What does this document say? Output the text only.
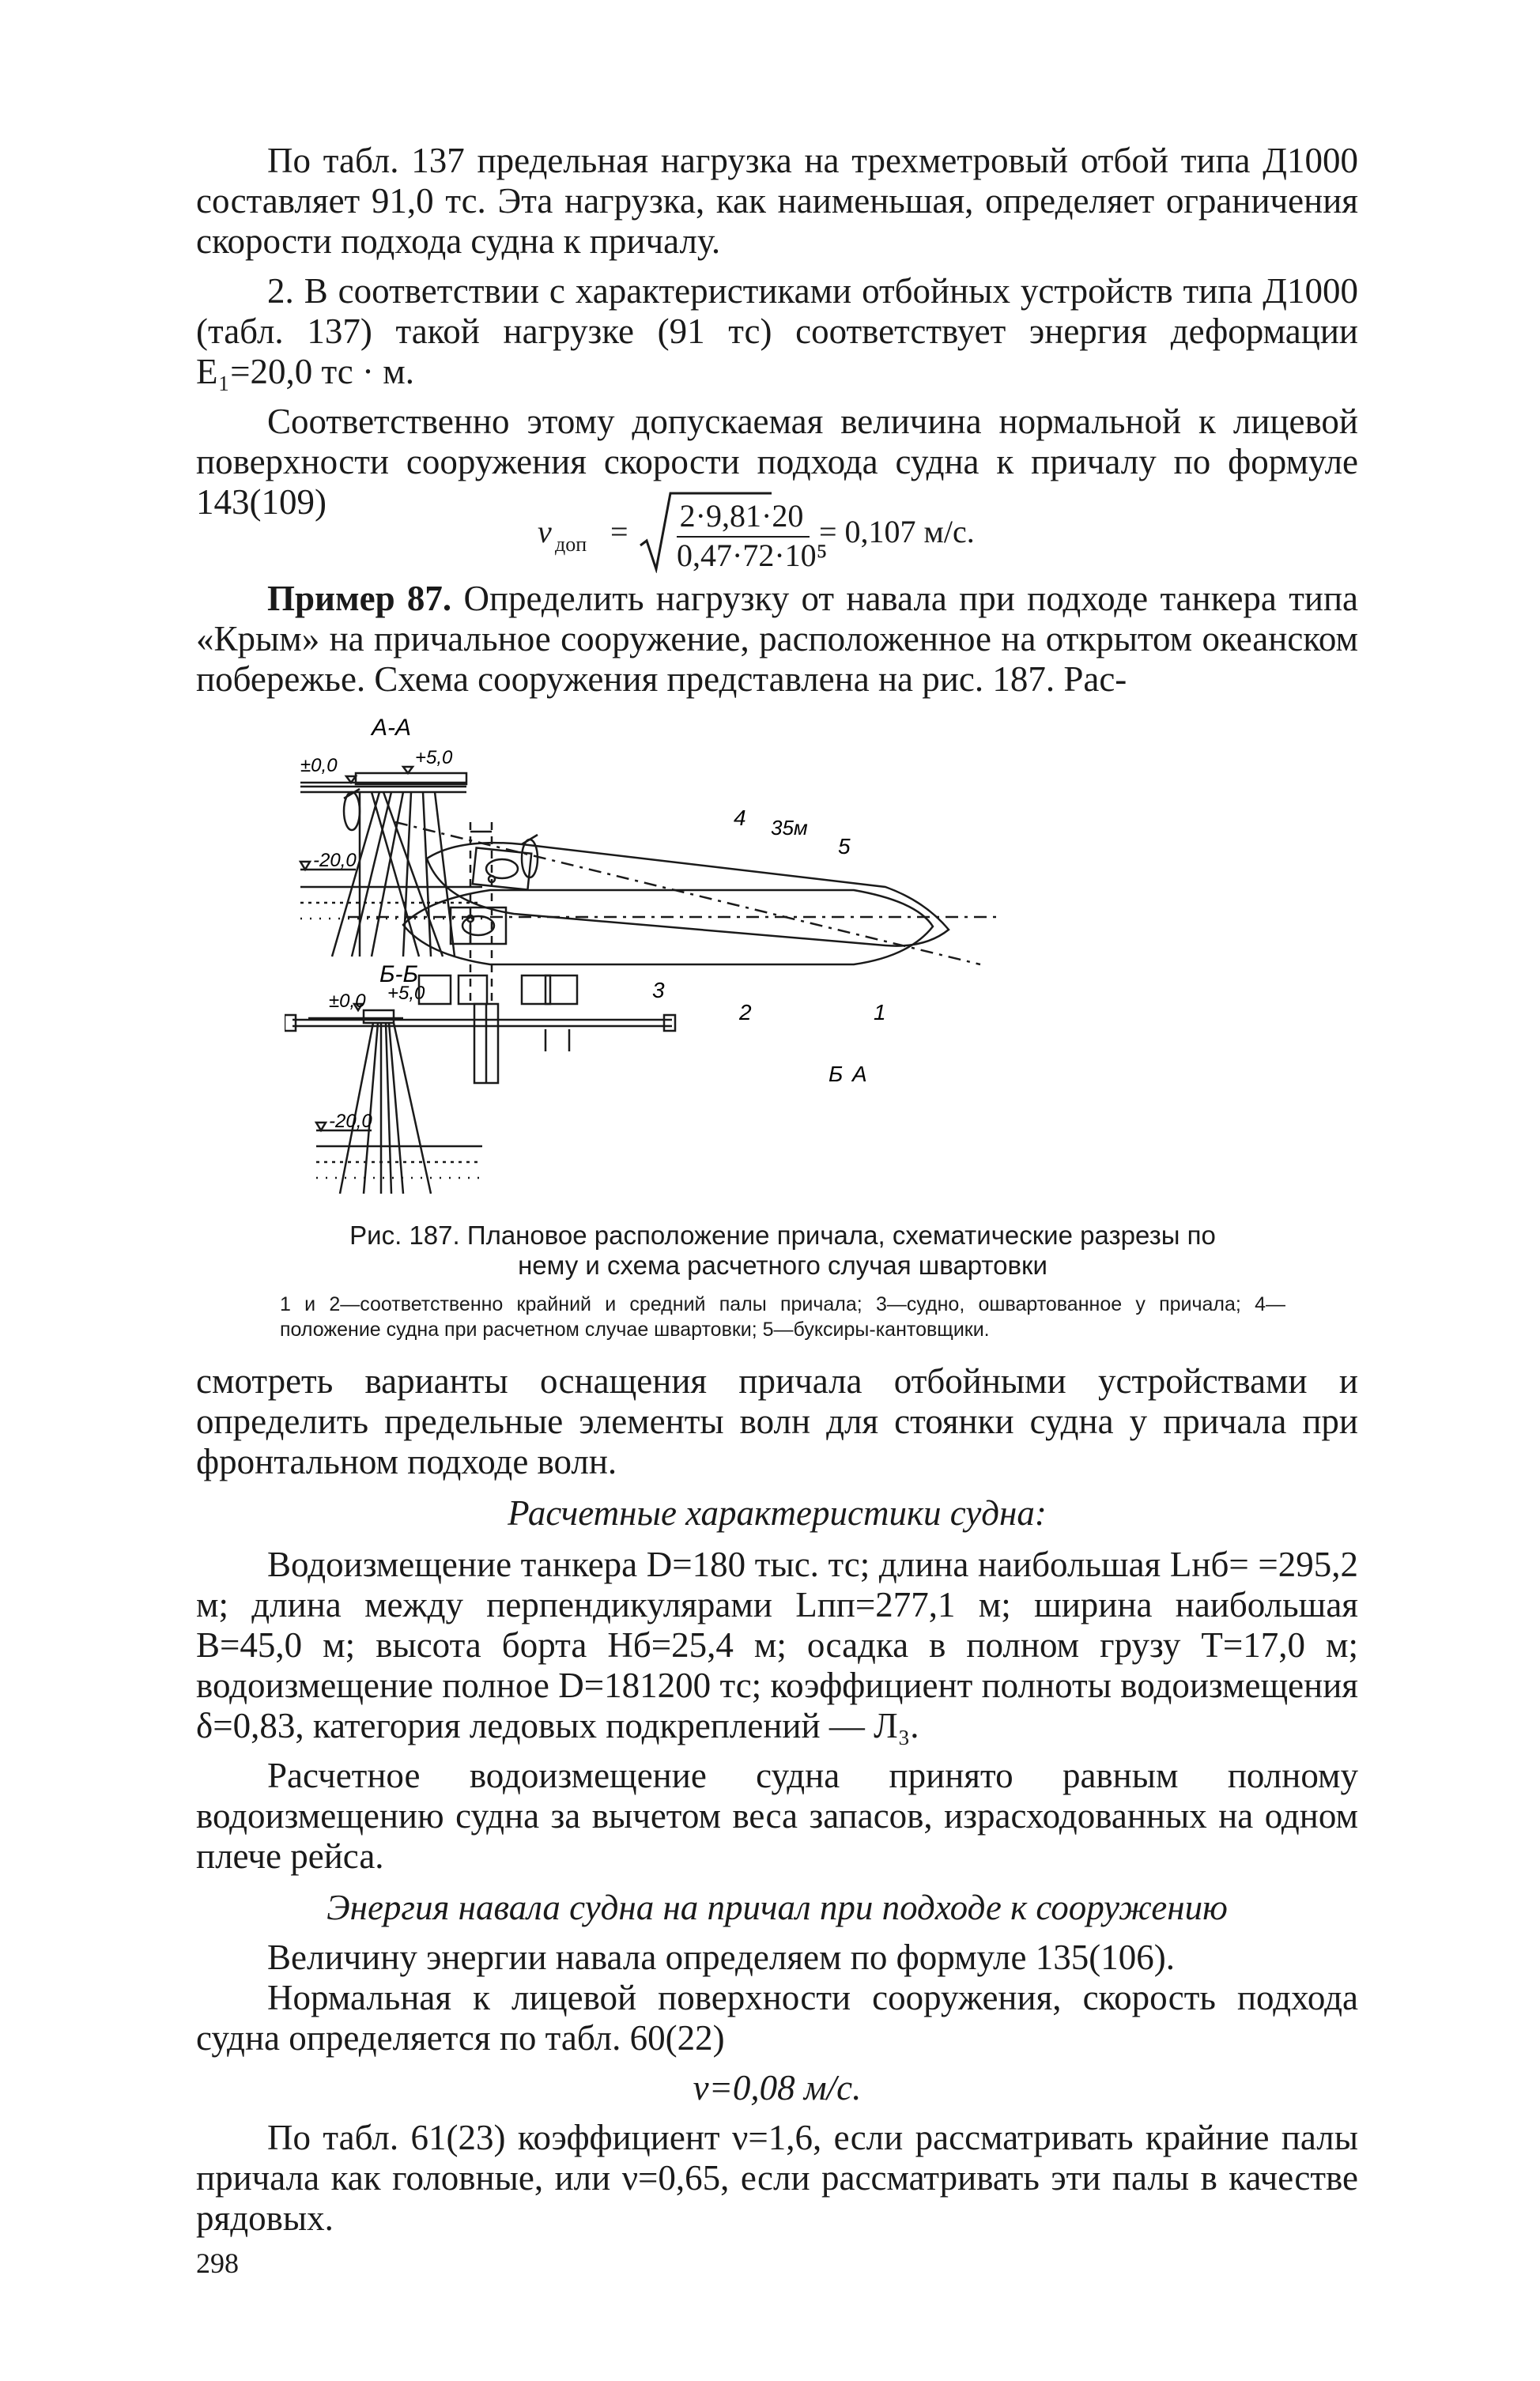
По табл. 137 предельная нагрузка на трехметровый отбой типа Д1000 составляет 91,0 тс. Эта нагрузка, как наименьшая, определяет ограничения скорости подхода судна к причалу.

2. В соответствии с характеристиками отбойных устройств типа Д1000 (табл. 137) такой нагрузке (91 тс) соответствует энергия деформации E₁=20,0 тс · м.

Соответственно этому допускаемая величина нормальной к лицевой поверхности сооружения скорости подхода судна к причалу по формуле 143(109)

v доп = 2·9,81·20
0,47·72·10⁵
= 0,107 м/с.

Пример 87. Определить нагрузку от навала при подходе танкера типа «Крым» на причальное сооружение, расположенное на открытом океанском побережье. Схема сооружения представлена на рис. 187. Рас-

А-А
±0,0	+5,0
-20,0
Б-Б
±0,0 +5,0
-20,0
4 35м
5
3
2	1
Б А

Рис. 187. Плановое расположение причала, схематические разрезы по

нему и схема расчетного случая швартовки

1 и 2—соответственно крайний и средний палы причала; 3—судно, ошвартованное у причала; 4—положение судна при расчетном случае швартовки; 5—буксиры-кантовщики.

смотреть варианты оснащения причала отбойными устройствами и определить предельные элементы волн для стоянки судна у причала при фронтальном подходе волн.

Расчетные характеристики судна:

Водоизмещение танкера D=180 тыс. тс; длина наибольшая Lнб= =295,2 м; длина между перпендикулярами Lпп=277,1 м; ширина наибольшая B=45,0 м; высота борта Hб=25,4 м; осадка в полном грузу T=17,0 м; водоизмещение полное D=181200 тс; коэффициент полноты водоизмещения δ=0,83, категория ледовых подкреплений — Л₃.

Расчетное водоизмещение судна принято равным полному водоизмещению судна за вычетом веса запасов, израсходованных на одном плече рейса.

Энергия навала судна на причал при подходе к сооружению

Величину энергии навала определяем по формуле 135(106).

Нормальная к лицевой поверхности сооружения, скорость подхода судна определяется по табл. 60(22)

v=0,08 м/с.

По табл. 61(23) коэффициент ν=1,6, если рассматривать крайние палы причала как головные, или ν=0,65, если рассматривать эти палы в качестве рядовых.

298
